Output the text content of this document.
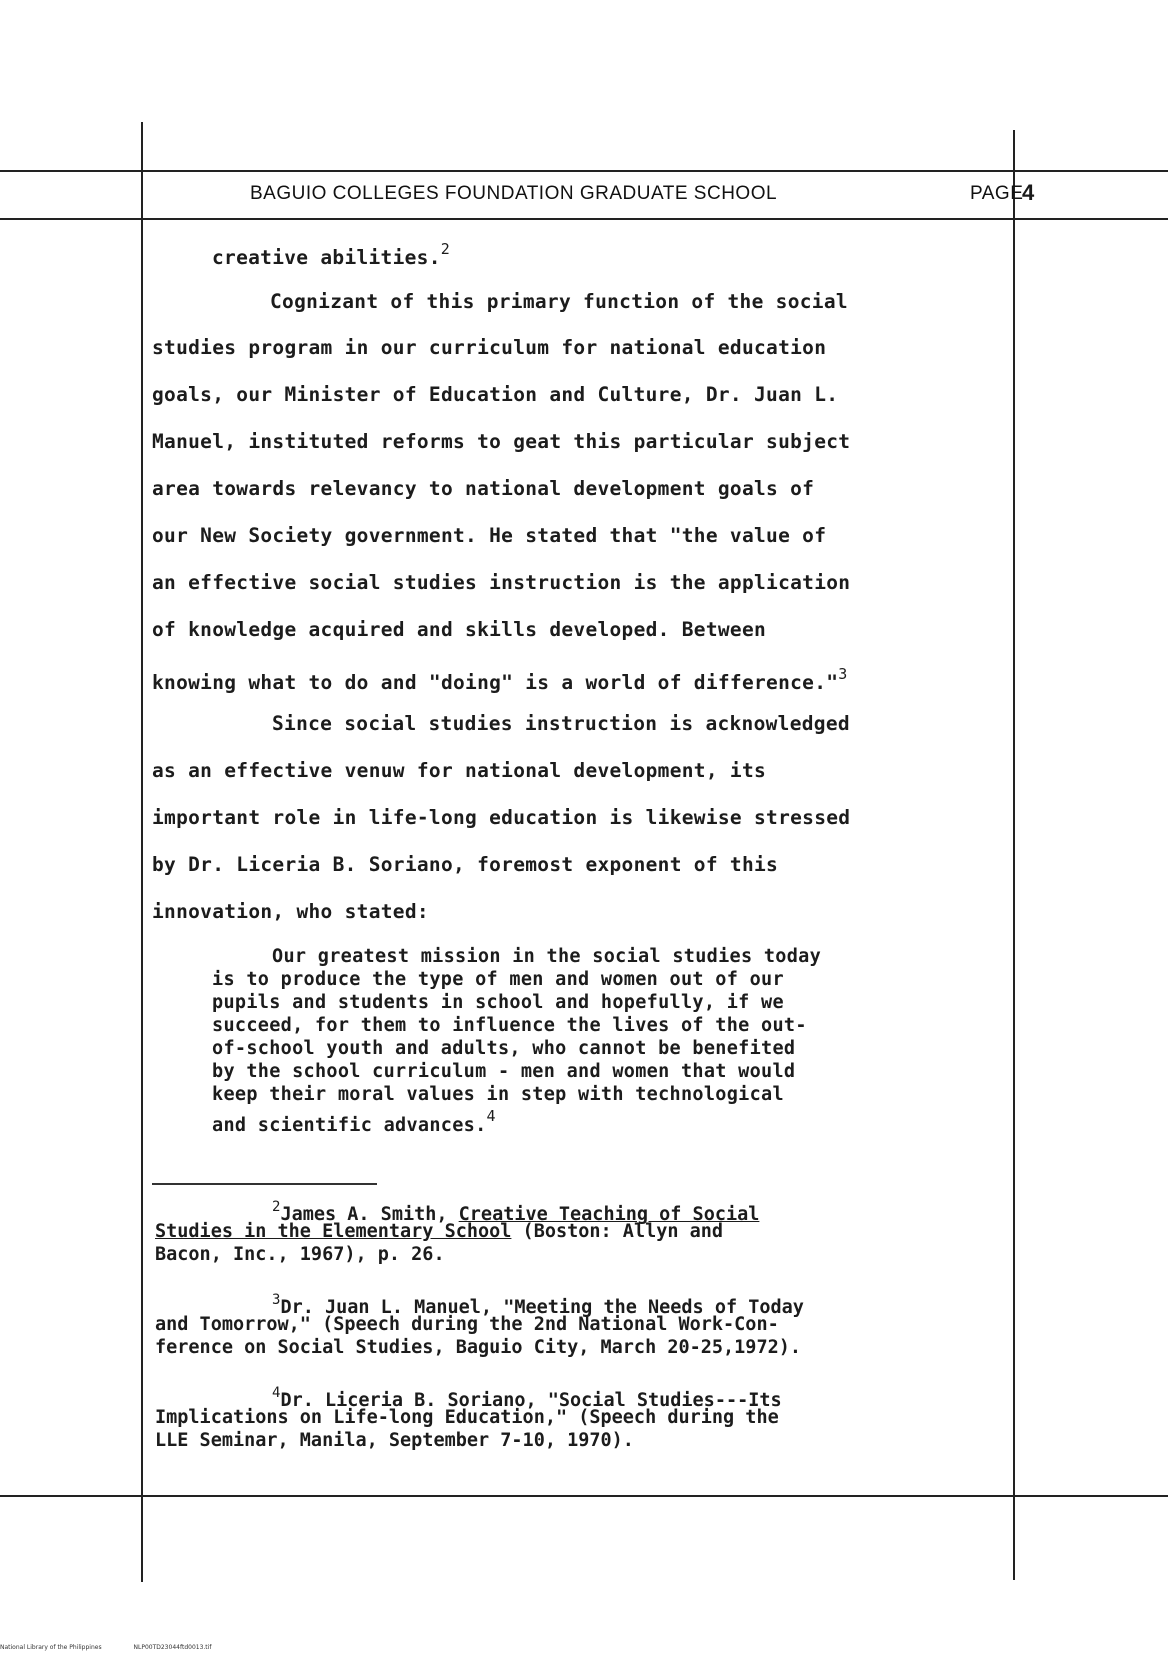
BAGUIO COLLEGES FOUNDATION GRADUATE SCHOOL	PAGE
4
creative abilities.$^2$
Cognizant of this primary function of the social
studies program in our curriculum for national education
goals, our Minister of Education and Culture, Dr. Juan L.
Manuel, instituted reforms to geat this particular subject
area towards relevancy to national development goals of
our New Society government. He stated that "the value of
an effective social studies instruction is the application
of knowledge acquired and skills developed. Between
knowing what to do and "doing" is a world of difference."$^3$
Since social studies instruction is acknowledged
as an effective venuw for national development, its
important role in life-long education is likewise stressed
by Dr. Liceria B. Soriano, foremost exponent of this
innovation, who stated:
Our greatest mission in the social studies today
is to produce the type of men and women out of our
pupils and students in school and hopefully, if we
succeed, for them to influence the lives of the out-
of-school youth and adults, who cannot be benefited
by the school curriculum - men and women that would
keep their moral values in step with technological
and scientific advances.$^4$
$^2$James A. Smith, Creative Teaching of Social
Studies in the Elementary School (Boston: Allyn and
Bacon, Inc., 1967), p. 26.
$^3$Dr. Juan L. Manuel, "Meeting the Needs of Today
and Tomorrow," (Speech during the 2nd National Work-Con-
ference on Social Studies, Baguio City, March 20-25,1972).
$^4$Dr. Liceria B. Soriano, "Social Studies---Its
Implications on Life-long Education," (Speech during the
LLE Seminar, Manila, September 7-10, 1970).
National Library of the Philippines	NLP00TD23044ftd0013.tif
